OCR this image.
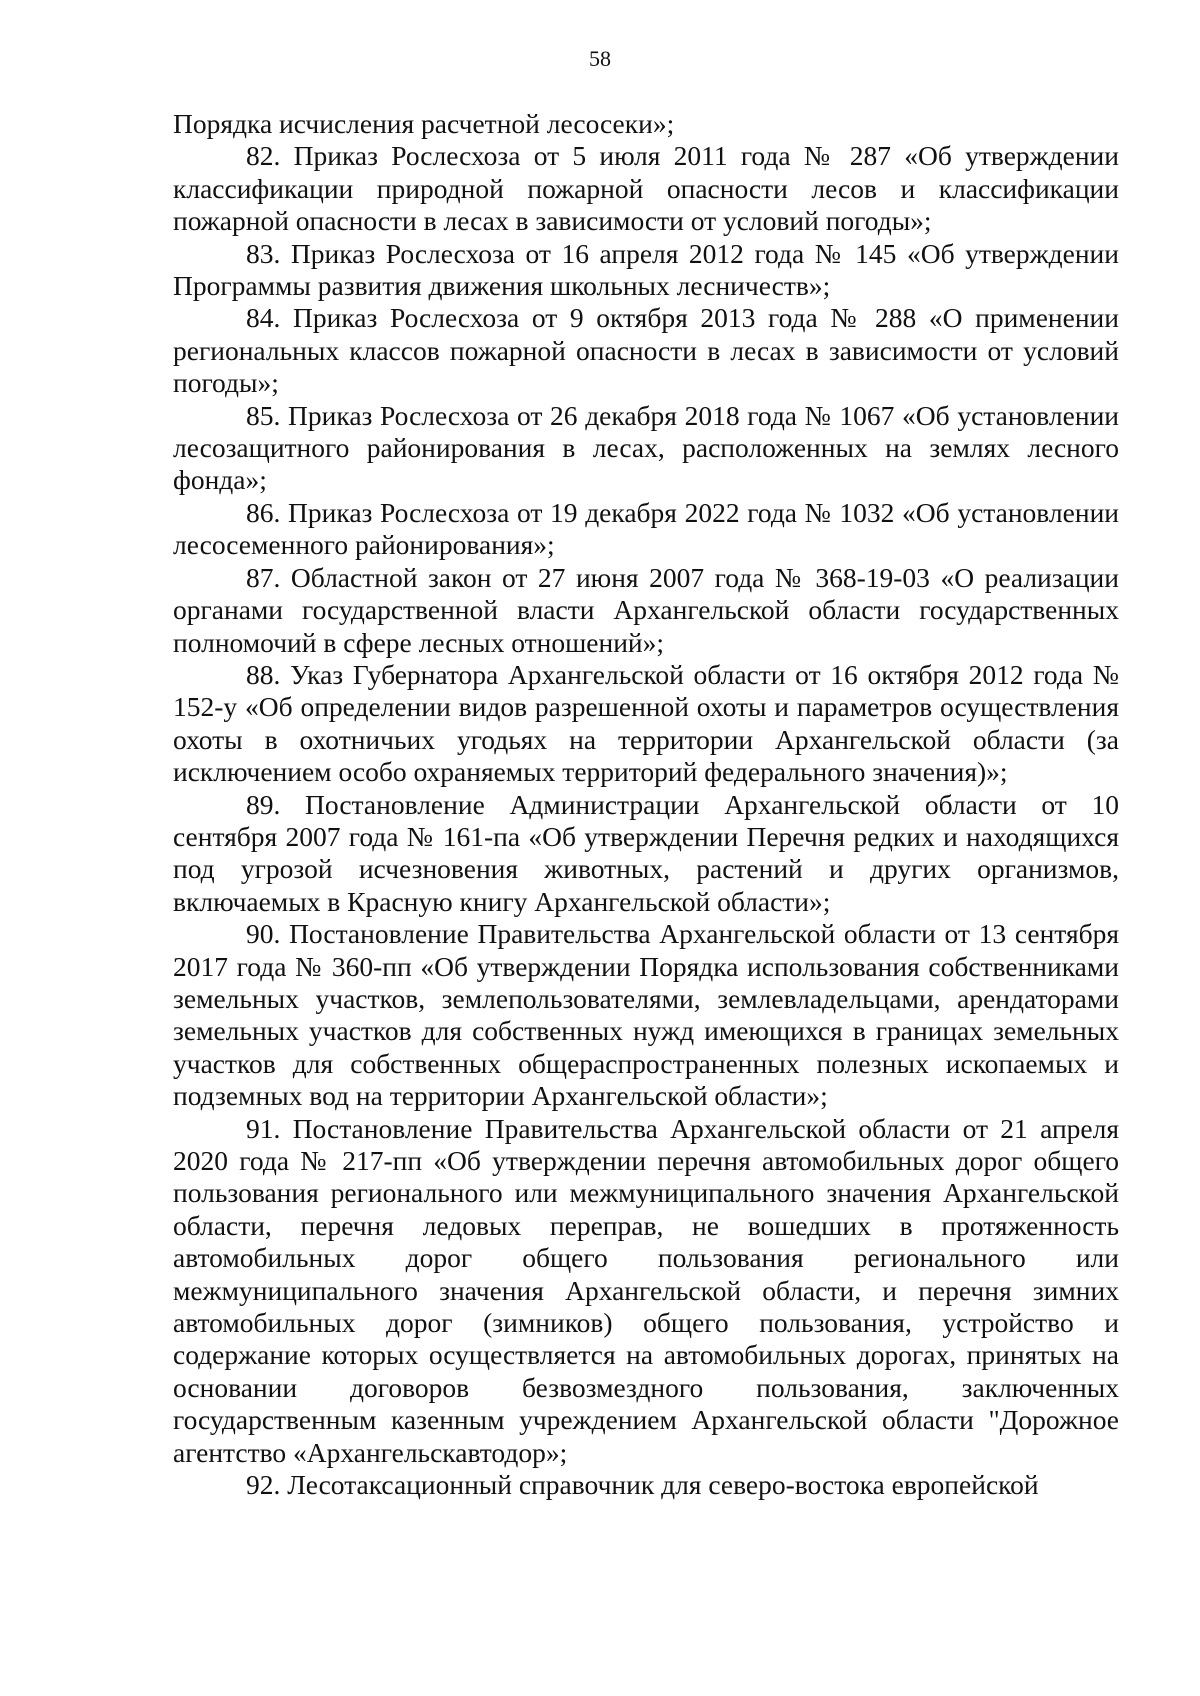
58

Порядка исчисления расчетной лесосеки»;

82. Приказ Рослесхоза от 5 июля 2011 года № 287 «Об утверждении классификации природной пожарной опасности лесов и классификации пожарной опасности в лесах в зависимости от условий погоды»;

83. Приказ Рослесхоза от 16 апреля 2012 года № 145 «Об утверждении Программы развития движения школьных лесничеств»;

84. Приказ Рослесхоза от 9 октября 2013 года № 288 «О применении региональных классов пожарной опасности в лесах в зависимости от условий погоды»;

85. Приказ Рослесхоза от 26 декабря 2018 года № 1067 «Об установлении лесозащитного районирования в лесах, расположенных на землях лесного фонда»;

86. Приказ Рослесхоза от 19 декабря 2022 года № 1032 «Об установлении лесосеменного районирования»;

87. Областной закон от 27 июня 2007 года № 368-19-03 «О реализации органами государственной власти Архангельской области государственных полномочий в сфере лесных отношений»;

88. Указ Губернатора Архангельской области от 16 октября 2012 года № 152-у «Об определении видов разрешенной охоты и параметров осуществления охоты в охотничьих угодьях на территории Архангельской области (за исключением особо охраняемых территорий федерального значения)»;

89. Постановление Администрации Архангельской области от 10 сентября 2007 года № 161-па «Об утверждении Перечня редких и находящихся под угрозой исчезновения животных, растений и других организмов, включаемых в Красную книгу Архангельской области»;

90. Постановление Правительства Архангельской области от 13 сентября 2017 года № 360-пп «Об утверждении Порядка использования собственниками земельных участков, землепользователями, землевладельцами, арендаторами земельных участков для собственных нужд имеющихся в границах земельных участков для собственных общераспространенных полезных ископаемых и подземных вод на территории Архангельской области»;

91. Постановление Правительства Архангельской области от 21 апреля 2020 года № 217-пп «Об утверждении перечня автомобильных дорог общего пользования регионального или межмуниципального значения Архангельской области, перечня ледовых переправ, не вошедших в протяженность автомобильных дорог общего пользования регионального или межмуниципального значения Архангельской области, и перечня зимних автомобильных дорог (зимников) общего пользования, устройство и содержание которых осуществляется на автомобильных дорогах, принятых на основании договоров безвозмездного пользования, заключенных государственным казенным учреждением Архангельской области "Дорожное агентство «Архангельскавтодор»;

92. Лесотаксационный справочник для северо-востока европейской
